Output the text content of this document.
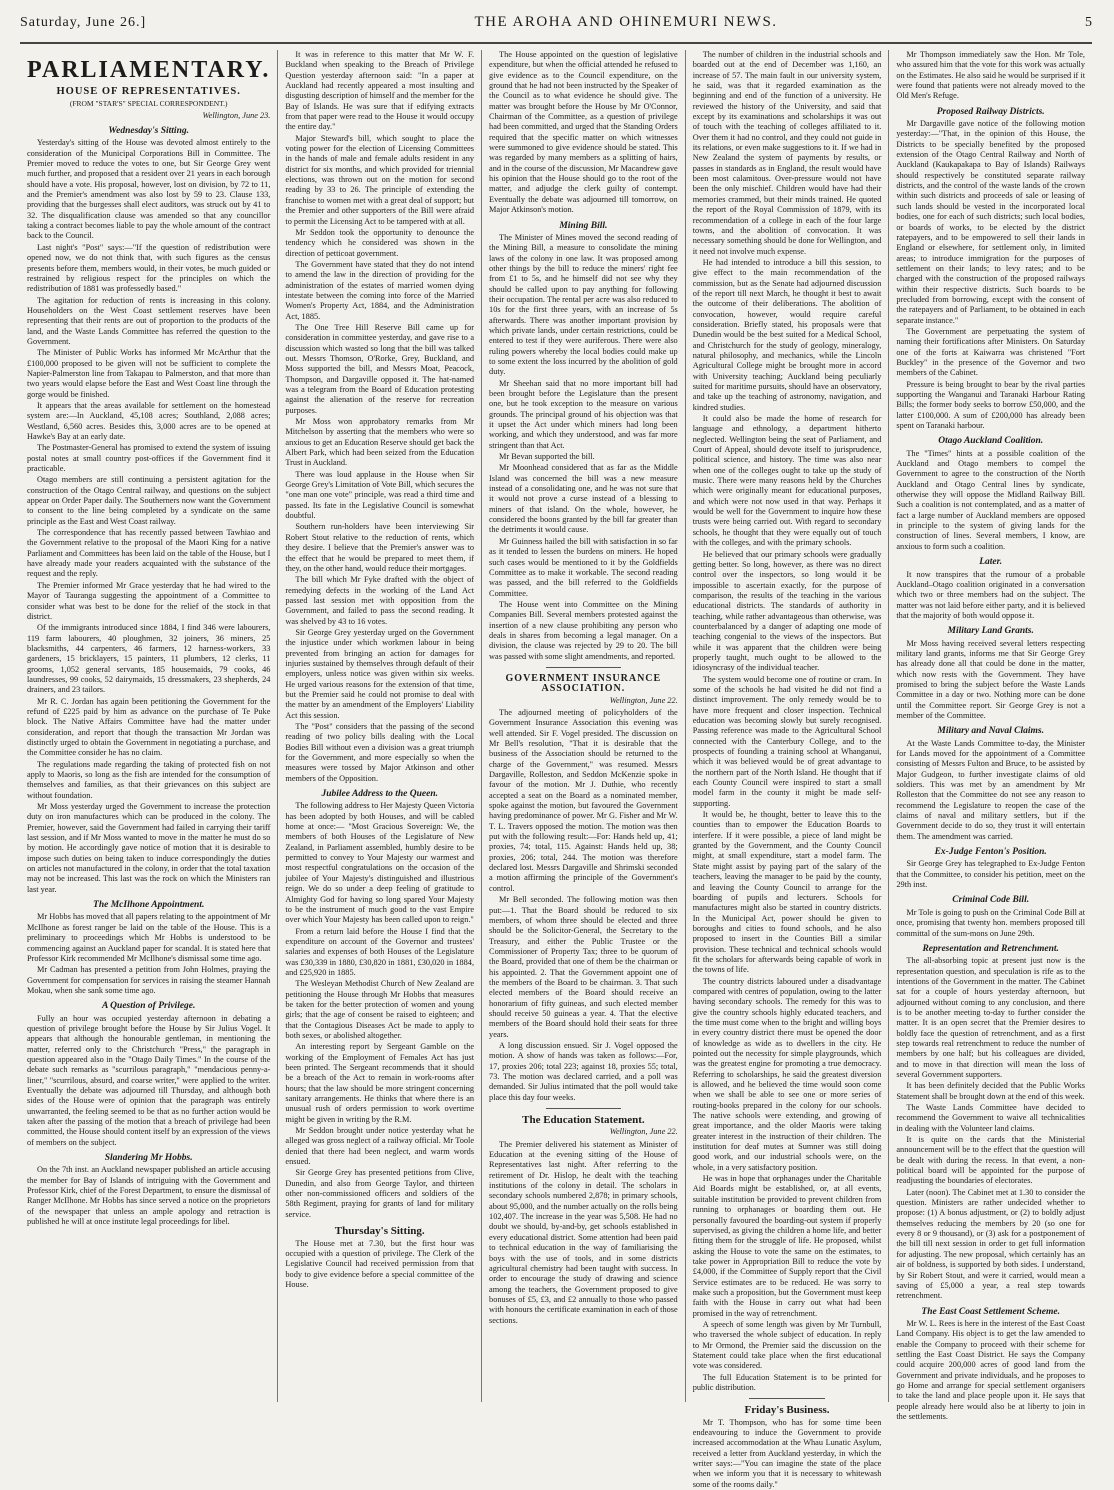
Saturday, June 26.]	THE AROHA AND OHINEMURI NEWS.	5

PARLIAMENTARY.

HOUSE OF REPRESENTATIVES.

(FROM "STAR'S" SPECIAL CORRESPONDENT.)

Wellington, June 23.

Wednesday's Sitting.

Yesterday's sitting of the House was devoted almost entirely to the consideration of the Municipal Corporations Bill in Committee. The Premier moved to reduce the votes to one, but Sir George Grey went much further, and proposed that a resident over 21 years in each borough should have a vote. His proposal, however, lost on division, by 72 to 11, and the Premier's amendment was also lost by 59 to 23. Clause 133, providing that the burgesses shall elect auditors, was struck out by 41 to 32. The disqualification clause was amended so that any councillor taking a contract becomes liable to pay the whole amount of the contract back to the Council.

Last night's "Post" says:—"If the question of redistribution were opened now, we do not think that, with such figures as the census presents before them, members would, in their votes, be much guided or restrained by religious respect for the principles on which the redistribution of 1881 was professedly based."

The agitation for reduction of rents is increasing in this colony. Householders on the West Coast settlement reserves have been representing that their rents are out of proportion to the products of the land, and the Waste Lands Committee has referred the question to the Government.

The Minister of Public Works has informed Mr McArthur that the £100,000 proposed to be given will not be sufficient to complete the Napier-Palmerston line from Takapau to Palmerston, and that more than two years would elapse before the East and West Coast line through the gorge would be finished.

It appears that the areas available for settlement on the homestead system are:—In Auckland, 45,108 acres; Southland, 2,088 acres; Westland, 6,560 acres. Besides this, 3,000 acres are to be opened at Hawke's Bay at an early date.

The Postmaster-General has promised to extend the system of issuing postal notes at small country post-offices if the Government find it practicable.

Otago members are still continuing a persistent agitation for the construction of the Otago Central railway, and questions on the subject appear on Order Paper daily. The Southerners now want the Government to consent to the line being completed by a syndicate on the same principle as the East and West Coast railway.

The correspondence that has recently passed between Tawhiao and the Government relative to the proposal of the Maori King for a native Parliament and Committees has been laid on the table of the House, but I have already made your readers acquainted with the substance of the request and the reply.

The Premier informed Mr Grace yesterday that he had wired to the Mayor of Tauranga suggesting the appointment of a Committee to consider what was best to be done for the relief of the stock in that district.

Of the immigrants introduced since 1884, I find 346 were labourers, 119 farm labourers, 40 ploughmen, 32 joiners, 36 miners, 25 blacksmiths, 44 carpenters, 46 farmers, 12 harness-workers, 33 gardeners, 15 bricklayers, 15 painters, 11 plumbers, 12 clerks, 11 grooms, 1,052 general servants, 185 housemaids, 79 cooks, 46 laundresses, 99 cooks, 52 dairymaids, 15 dressmakers, 23 shepherds, 24 drainers, and 23 tailors.

Mr R. C. Jordan has again been petitioning the Government for the refund of £225 paid by him as advance on the purchase of Te Puke block. The Native Affairs Committee have had the matter under consideration, and report that though the transaction Mr Jordan was distinctly urged to obtain the Government in negotiating a purchase, and the Committee consider he has no claim.

The regulations made regarding the taking of protected fish on not apply to Maoris, so long as the fish are intended for the consumption of themselves and families, as that their grievances on this subject are without foundation.

Mr Moss yesterday urged the Government to increase the protection duty on iron manufactures which can be produced in the colony. The Premier, however, said the Government had failed in carrying their tariff last session, and if Mr Moss wanted to move in the matter he must do so by motion. He accordingly gave notice of motion that it is desirable to impose such duties on being taken to induce correspondingly the duties on articles not manufactured in the colony, in order that the total taxation may not be increased. This last was the rock on which the Ministers ran last year.

The McIlhone Appointment.

Mr Hobbs has moved that all papers relating to the appointment of Mr McIlhone as forest ranger be laid on the table of the House. This is a preliminary to proceedings which Mr Hobbs is understood to be commencing against an Auckland paper for scandal. It is stated here that Professor Kirk recommended Mr McIlhone's dismissal some time ago.

Mr Cadman has presented a petition from John Holmes, praying the Government for compensation for services in raising the steamer Hannah Mokau, when she sank some time ago.

A Question of Privilege.

Fully an hour was occupied yesterday afternoon in debating a question of privilege brought before the House by Sir Julius Vogel. It appears that although the honourable gentleman, in mentioning the matter, referred only to the Christchurch "Press," the paragraph in question appeared also in the "Otago Daily Times." In the course of the debate such remarks as "scurrilous paragraph," "mendacious penny-a-liner," "scurrilous, absurd, and coarse writer," were applied to the writer. Eventually the debate was adjourned till Thursday, and although both sides of the House were of opinion that the paragraph was entirely unwarranted, the feeling seemed to be that as no further action would be taken after the passing of the motion that a breach of privilege had been committed, the House should content itself by an expression of the views of members on the subject.

Slandering Mr Hobbs.

On the 7th inst. an Auckland newspaper published an article accusing the member for Bay of Islands of intriguing with the Government and Professor Kirk, chief of the Forest Department, to ensure the dismissal of Ranger McIlhone. Mr Hobbs has since served a notice on the proprietors of the newspaper that unless an ample apology and retraction is published he will at once institute legal proceedings for libel.

It was in reference to this matter that Mr W. F. Buckland when speaking to the Breach of Privilege Question yesterday afternoon said: "In a paper at Auckland had recently appeared a most insulting and disgusting description of himself and the member for the Bay of Islands. He was sure that if edifying extracts from that paper were read to the House it would occupy the entire day."

Major Steward's bill, which sought to place the voting power for the election of Licensing Committees in the hands of male and female adults resident in any district for six months, and which provided for triennial elections, was thrown out on the motion for second reading by 33 to 26. The principle of extending the franchise to women met with a great deal of support; but the Premier and other supporters of the Bill were afraid to permit the Licensing Act to be tampered with at all.

Mr Seddon took the opportunity to denounce the tendency which he considered was shown in the direction of petticoat government.

The Government have stated that they do not intend to amend the law in the direction of providing for the administration of the estates of married women dying intestate between the coming into force of the Married Women's Property Act, 1884, and the Administration Act, 1885.

The One Tree Hill Reserve Bill came up for consideration in committee yesterday, and gave rise to a discussion which wasted so long that the bill was talked out. Messrs Thomson, O'Rorke, Grey, Buckland, and Moss supported the bill, and Messrs Moat, Peacock, Thompson, and Dargaville opposed it. The hat-named was a telegram from the Board of Education protesting against the alienation of the reserve for recreation purposes.

Mr Moss won approbatory remarks from Mr Mitchelson by asserting that the members who were so anxious to get an Education Reserve should get back the Albert Park, which had been seized from the Education Trust in Auckland.

There was loud applause in the House when Sir George Grey's Limitation of Vote Bill, which secures the "one man one vote" principle, was read a third time and passed. Its fate in the Legislative Council is somewhat doubtful.

Southern run-holders have been interviewing Sir Robert Stout relative to the reduction of rents, which they desire. I believe that the Premier's answer was to the effect that he would be prepared to meet them, if they, on the other hand, would reduce their mortgages.

The bill which Mr Fyke drafted with the object of remedying defects in the working of the Land Act passed last session met with opposition from the Government, and failed to pass the second reading. It was shelved by 43 to 16 votes.

Sir George Grey yesterday urged on the Government the injustice under which workmen labour in being prevented from bringing an action for damages for injuries sustained by themselves through default of their employers, unless notice was given within six weeks. He urged various reasons for the extension of that time, but the Premier said he could not promise to deal with the matter by an amendment of the Employers' Liability Act this session.

The "Post" considers that the passing of the second reading of two policy bills dealing with the Local Bodies Bill without even a division was a great triumph for the Government, and more especially so when the measures were tossed by Major Atkinson and other members of the Opposition.

Jubilee Address to the Queen.

The following address to Her Majesty Queen Victoria has been adopted by both Houses, and will be cabled home at once:— "Most Gracious Sovereign: We, the members of both Houses of the Legislature of New Zealand, in Parliament assembled, humbly desire to be permitted to convey to Your Majesty our warmest and most respectful congratulations on the occasion of the jubilee of Your Majesty's distinguished and illustrious reign. We do so under a deep feeling of gratitude to Almighty God for having so long spared Your Majesty to be the instrument of much good to the vast Empire over which Your Majesty has been called upon to reign."

From a return laid before the House I find that the expenditure on account of the Governor and trustees' salaries and expenses of both Houses of the Legislature was £30,339 in 1880, £30,820 in 1881, £30,020 in 1884, and £25,920 in 1885.

The Wesleyan Methodist Church of New Zealand are petitioning the House through Mr Hobbs that measures be taken for the better protection of women and young girls; that the age of consent be raised to eighteen; and that the Contagious Diseases Act be made to apply to both sexes, or abolished altogether.

An interesting report by Sergeant Gamble on the working of the Employment of Females Act has just been printed. The Sergeant recommends that it should be a breach of the Act to remain in work-rooms after hours; that the law should be more stringent concerning sanitary arrangements. He thinks that where there is an unusual rush of orders permission to work overtime might be given in writing by the R.M.

Mr Seddon brought under notice yesterday what he alleged was gross neglect of a railway official. Mr Toole denied that there had been neglect, and warm words ensued.

Sir George Grey has presented petitions from Clive, Dunedin, and also from George Taylor, and thirteen other non-commissioned officers and soldiers of the 58th Regiment, praying for grants of land for military service.

Thursday's Sitting.

The House met at 7.30, but the first hour was occupied with a question of privilege. The Clerk of the Legislative Council had received permission from that body to give evidence before a special committee of the House.

The House appointed on the question of legislative expenditure, but when the official attended he refused to give evidence as to the Council expenditure, on the ground that he had not been instructed by the Speaker of the Council as to what evidence he should give. The matter was brought before the House by Mr O'Connor, Chairman of the Committee, as a question of privilege had been committed, and urged that the Standing Orders required that the specific matter on which witnesses were summoned to give evidence should be stated. This was regarded by many members as a splitting of hairs, and in the course of the discussion, Mr Macandrew gave his opinion that the House should go to the root of the matter, and adjudge the clerk guilty of contempt. Eventually the debate was adjourned till tomorrow, on Major Atkinson's motion.

Mining Bill.

The Minister of Mines moved the second reading of the Mining Bill, a measure to consolidate the mining laws of the colony in one law. It was proposed among other things by the bill to reduce the miners' right fee from £1 to 5s, and he himself did not see why they should be called upon to pay anything for following their occupation. The rental per acre was also reduced to 10s for the first three years, with an increase of 5s afterwards. There was another important provision by which private lands, under certain restrictions, could be entered to test if they were auriferous. There were also ruling powers whereby the local bodies could make up to some extent the loss incurred by the abolition of gold duty.

Mr Sheehan said that no more important bill had been brought before the Legislature than the present one, but he took exception to the measure on various grounds. The principal ground of his objection was that it upset the Act under which miners had long been working, and which they understood, and was far more stringent than that Act.

Mr Bevan supported the bill.

Mr Moonhead considered that as far as the Middle Island was concerned the bill was a new measure instead of a consolidating one, and he was not sure that it would not prove a curse instead of a blessing to miners of that island. On the whole, however, he considered the boons granted by the bill far greater than the detriments it would cause.

Mr Guinness hailed the bill with satisfaction in so far as it tended to lessen the burdens on miners. He hoped such cases would be mentioned to it by the Goldfields Committee as to make it workable. The second reading was passed, and the bill referred to the Goldfields Committee.

The House went into Committee on the Mining Companies Bill. Several members protested against the insertion of a new clause prohibiting any person who deals in shares from becoming a legal manager. On a division, the clause was rejected by 29 to 20. The bill was passed with some slight amendments, and reported.

GOVERNMENT INSURANCE ASSOCIATION.

Wellington, June 22.

The adjourned meeting of policyholders of the Government Insurance Association this evening was well attended. Sir F. Vogel presided. The discussion on Mr Bell's resolution, "That it is desirable that the business of the Association should be returned to the charge of the Government," was resumed. Messrs Dargaville, Rolleston, and Seddon McKenzie spoke in favour of the motion. Mr J. Duthie, who recently accepted a seat on the Board as a nominated member, spoke against the motion, but favoured the Government having predominance of power. Mr G. Fisher and Mr W. T. L. Travers opposed the motion. The motion was then put with the following result:—For: Hands held up, 41; proxies, 74; total, 115. Against: Hands held up, 38; proxies, 206; total, 244. The motion was therefore declared lost. Messrs Dargaville and Shrimski seconded a motion affirming the principle of the Government's control.

Mr Bell seconded. The following motion was then put:—1. That the Board should be reduced to six members, of whom three should be elected and three should be the Solicitor-General, the Secretary to the Treasury, and either the Public Trustee or the Commissioner of Property Tax; three to be quorum of the Board, provided that one of them be the chairman or his appointed. 2. That the Government appoint one of the members of the Board to be chairman. 3. That such elected members of the Board should receive an honorarium of fifty guineas, and such elected member should receive 50 guineas a year. 4. That the elective members of the Board should hold their seats for three years.

A long discussion ensued. Sir J. Vogel opposed the motion. A show of hands was taken as follows:—For, 17, proxies 206; total 223; against 18, proxies 55; total, 73. The motion was declared carried, and a poll was demanded. Sir Julius intimated that the poll would take place this day four weeks.

The Education Statement.

Wellington, June 22.

The Premier delivered his statement as Minister of Education at the evening sitting of the House of Representatives last night. After referring to the retirement of Dr. Hislop, he dealt with the teaching institutions of the colony in detail. The scholars in secondary schools numbered 2,878; in primary schools, about 95,000, and the number actually on the rolls being 102,407. The increase in the year was 5,508. He had no doubt we should, by-and-by, get schools established in every educational district. Some attention had been paid to technical education in the way of familiarising the boys with the use of tools, and in some districts agricultural chemistry had been taught with success. In order to encourage the study of drawing and science among the teachers, the Government proposed to give bonuses of £5, £3, and £2 annually to those who passed with honours the certificate examination in each of those sections.

The number of children in the industrial schools and boarded out at the end of December was 1,160, an increase of 57. The main fault in our university system, he said, was that it regarded examination as the beginning and end of the function of a university. He reviewed the history of the University, and said that except by its examinations and scholarships it was out of touch with the teaching of colleges affiliated to it. Over them it had no control, and they could not guide in its relations, or even make suggestions to it. If we had in New Zealand the system of payments by results, or passes in standards as in England, the result would have been most calamitous. Over-pressure would not have been the only mischief. Children would have had their memories crammed, but their minds trained. He quoted the report of the Royal Commission of 1879, with its recommendation of a college in each of the four large towns, and the abolition of convocation. It was necessary something should be done for Wellington, and it need not involve much expense.

He had intended to introduce a bill this session, to give effect to the main recommendation of the commission, but as the Senate had adjourned discussion of the report till next March, he thought it best to await the outcome of their deliberations. The abolition of convocation, however, would require careful consideration. Briefly stated, his proposals were that Dunedin would be the best suited for a Medical School, and Christchurch for the study of geology, mineralogy, natural philosophy, and mechanics, while the Lincoln Agricultural College might be brought more in accord with University teaching; Auckland being peculiarly suited for maritime pursuits, should have an observatory, and take up the teaching of astronomy, navigation, and kindred studies.

It could also be made the home of research for language and ethnology, a department hitherto neglected. Wellington being the seat of Parliament, and Court of Appeal, should devote itself to jurisprudence, political science, and history. The time was also near when one of the colleges ought to take up the study of music. There were many reasons held by the Churches which were originally meant for educational purposes, and which were not now used in that way. Perhaps it would be well for the Government to inquire how these trusts were being carried out. With regard to secondary schools, he thought that they were equally out of touch with the colleges, and with the primary schools.

He believed that our primary schools were gradually getting better. So long, however, as there was no direct control over the inspectors, so long would it be impossible to ascertain exactly, for the purpose of comparison, the results of the teaching in the various educational districts. The standards of authority in teaching, while rather advantageous than otherwise, was counterbalanced by a danger of adapting one mode of teaching congenial to the views of the inspectors. But while it was apparent that the children were being properly taught, much ought to be allowed to the idiosyncrasy of the individual teacher.

The system would become one of routine or cram. In some of the schools he had visited he did not find a distinct improvement. The only remedy would be to have more frequent and closer inspection. Technical education was becoming slowly but surely recognised. Passing reference was made to the Agricultural School connected with the Canterbury College, and to the prospects of founding a training school at Whanganui, which it was believed would be of great advantage to the northern part of the North Island. He thought that if each County Council were inspired to start a small model farm in the county it might be made self-supporting.

It would be, he thought, better to leave this to the counties than to empower the Education Boards to interfere. If it were possible, a piece of land might be granted by the Government, and the County Council might, at small expenditure, start a model farm. The State might assist by paying part of the salary of the teachers, leaving the manager to be paid by the county, and leaving the County Council to arrange for the boarding of pupils and lecturers. Schools for manufactures might also be started in country districts. In the Municipal Act, power should be given to boroughs and cities to found schools, and he also proposed to insert in the Counties Bill a similar provision. These technical and technical schools would fit the scholars for afterwards being capable of work in the towns of life.

The country districts laboured under a disadvantage compared with centres of population, owing to the latter having secondary schools. The remedy for this was to give the country schools highly educated teachers, and the time must come when to the bright and willing boys in every country district there must be opened the door of knowledge as wide as to dwellers in the city. He pointed out the necessity for simple playgrounds, which was the greatest engine for promoting a true democracy. Referring to scholarships, he said the greatest diversion is allowed, and he believed the time would soon come when we shall be able to see one or more series of routing-books prepared in the colony for our schools. The native schools were extending, and growing of great importance, and the older Maoris were taking greater interest in the instruction of their children. The institution for deaf mutes at Sumner was still doing good work, and our industrial schools were, on the whole, in a very satisfactory position.

He was in hope that orphanages under the Charitable Aid Boards might be established, or, at all events, suitable institution be provided to prevent children from running to orphanages or boarding them out. He personally favoured the boarding-out system if properly supervised, as giving the children a home life, and better fitting them for the struggle of life. He proposed, whilst asking the House to vote the same on the estimates, to take power in Appropriation Bill to reduce the vote by £4,000, if the Committee of Supply report that the Civil Service estimates are to be reduced. He was sorry to make such a proposition, but the Government must keep faith with the House in carry out what had been promised in the way of retrenchment.

A speech of some length was given by Mr Turnbull, who traversed the whole subject of education. In reply to Mr Ormond, the Premier said the discussion on the Statement could take place when the first educational vote was considered.

The full Education Statement is to be printed for public distribution.

Friday's Business.

Mr T. Thompson, who has for some time been endeavouring to induce the Government to provide increased accommodation at the Whau Lunatic Asylum, received a letter from Auckland yesterday, in which the writer says:—"You can imagine the state of the place when we inform you that it is necessary to whitewash some of the rooms daily."

Mr Thompson immediately saw the Hon. Mr Tole, who assured him that the vote for this work was actually on the Estimates. He also said he would be surprised if it were found that patients were not already moved to the Old Men's Refuge.

Proposed Railway Districts.

Mr Dargaville gave notice of the following motion yesterday:—"That, in the opinion of this House, the Districts to be specially benefited by the proposed extension of the Otago Central Railway and North of Auckland (Kaukapakapa to Bay of Islands) Railways should respectively be constituted separate railway districts, and the control of the waste lands of the crown within such districts and proceeds of sale or leasing of such lands should be vested in the incorporated local bodies, one for each of such districts; such local bodies, or boards of works, to be elected by the district ratepayers, and to be empowered to sell their lands in England or elsewhere, for settlement only, in limited areas; to introduce immigration for the purposes of settlement on their lands; to levy rates; and to be charged with the construction of the proposed railways within their respective districts. Such boards to be precluded from borrowing, except with the consent of the ratepayers and of Parliament, to be obtained in each separate instance."

The Government are perpetuating the system of naming their fortifications after Ministers. On Saturday one of the forts at Kaiwarra was christened "Fort Buckley" in the presence of the Governor and two members of the Cabinet.

Pressure is being brought to bear by the rival parties supporting the Wanganui and Taranaki Harbour Rating Bills; the former body seeks to borrow £50,000, and the latter £100,000. A sum of £200,000 has already been spent on Taranaki harbour.

Otago Auckland Coalition.

The "Times" hints at a possible coalition of the Auckland and Otago members to compel the Government to agree to the construction of the North Auckland and Otago Central lines by syndicate, otherwise they will oppose the Midland Railway Bill. Such a coalition is not contemplated, and as a matter of fact a large number of Auckland members are opposed in principle to the system of giving lands for the construction of lines. Several members, I know, are anxious to form such a coalition.

Later.

It now transpires that the rumour of a probable Auckland–Otago coalition originated in a conversation which two or three members had on the subject. The matter was not laid before either party, and it is believed that the majority of both would oppose it.

Military Land Grants.

Mr Moss having received several letters respecting military land grants, informs me that Sir George Grey has already done all that could be done in the matter, which now rests with the Government. They have promised to bring the subject before the Waste Lands Committee in a day or two. Nothing more can be done until the Committee report. Sir George Grey is not a member of the Committee.

Military and Naval Claims.

At the Waste Lands Committee to-day, the Minister for Lands moved for the appointment of a Committee consisting of Messrs Fulton and Bruce, to be assisted by Major Gudgeon, to further investigate claims of old soldiers. This was met by an amendment by Mr Rolleston that the Committee do not see any reason to recommend the Legislature to reopen the case of the claims of naval and military settlers, but if the Government decide to do so, they trust it will entertain them. The amendment was carried.

Ex-Judge Fenton's Position.

Sir George Grey has telegraphed to Ex-Judge Fenton that the Committee, to consider his petition, meet on the 29th inst.

Criminal Code Bill.

Mr Tole is going to push on the Criminal Code Bill at once, promising that twenty hon. members proposed till committal of the sum-mons on June 29th.

Representation and Retrenchment.

The all-absorbing topic at present just now is the representation question, and speculation is rife as to the intentions of the Government in the matter. The Cabinet sat for a couple of hours yesterday afternoon, but adjourned without coming to any conclusion, and there is to be another meeting to-day to further consider the matter. It is an open secret that the Premier desires to boldly face the question of retrenchment, and as a first step towards real retrenchment to reduce the number of members by one half; but his colleagues are divided, and to move in that direction will mean the loss of several Government supporters.

It has been definitely decided that the Public Works Statement shall be brought down at the end of this week.

The Waste Lands Committee have decided to recommend the Government to waive all technicalities in dealing with the Volunteer land claims.

It is quite on the cards that the Ministerial announcement will be to the effect that the question will be dealt with during the recess. In that event, a non-political board will be appointed for the purpose of readjusting the boundaries of electorates.

Later (noon). The Cabinet met at 1.30 to consider the question. Ministers are rather undecided whether to propose: (1) A bonus adjustment, or (2) to boldly adjust themselves reducing the members by 20 (so one for every 8 or 9 thousand), or (3) ask for a postponement of the bill till next session in order to get full information for adjusting. The new proposal, which certainly has an air of boldness, is supported by both sides. I understand, by Sir Robert Stout, and were it carried, would mean a saving of £5,000 a year, a real step towards retrenchment.

The East Coast Settlement Scheme.

Mr W. L. Rees is here in the interest of the East Coast Land Company. His object is to get the law amended to enable the Company to proceed with their scheme for settling the East Coast District. He says the Company could acquire 200,000 acres of good land from the Government and private individuals, and he proposes to go Home and arrange for special settlement organisers to take the land and place people upon it. He says that people already here would also be at liberty to join in the settlements.
